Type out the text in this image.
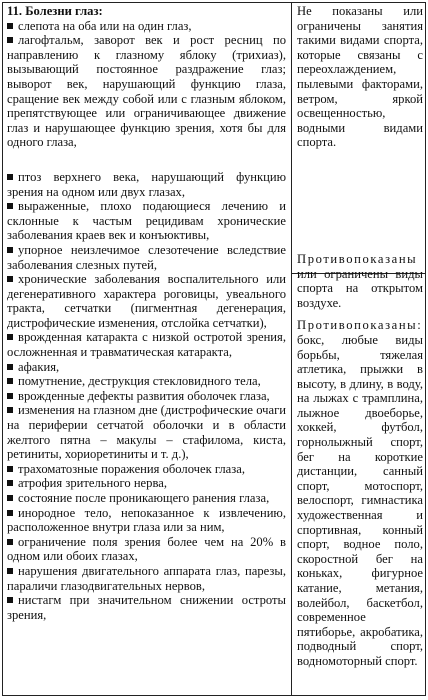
11. Болезни глаз:
слепота на оба или на один глаз,
лагофтальм, заворот век и рост ресниц по направлению к глазному яблоку (трихиаз), вызывающий постоянное раздражение глаз; выворот век, нарушающий функцию глаза, сращение век между собой или с глазным яблоком, препятствующее или ограничивающее движение глаз и нарушающее функцию зрения, хотя бы для одного глаза,
птоз верхнего века, нарушающий функцию зрения на одном или двух глазах,
выраженные, плохо подающиеся лечению и склонные к частым рецидивам хронические заболевания краев век и конъюктивы,
упорное неизлечимое слезотечение вследствие заболевания слезных путей,
хронические заболевания воспалительного или дегенеративного характера роговицы, увеального тракта, сетчатки (пигментная дегенерация, дистрофические изменения, отслойка сетчатки),
врожденная катаракта с низкой остротой зрения, осложненная и травматическая катаракта,
афакия,
помутнение, деструкция стекловидного тела,
врожденные дефекты развития оболочек глаза,
изменения на глазном дне (дистрофические очаги на периферии сетчатой оболочки и в области желтого пятна – макулы – стафилома, киста, ретиниты, хориоретиниты и т. д.),
трахоматозные поражения оболочек глаза,
атрофия зрительного нерва,
состояние после проникающего ранения глаза,
инородное тело, непоказанное к извлечению, расположенное внутри глаза или за ним,
ограничение поля зрения более чем на 20% в одном или обоих глазах,
нарушения двигательного аппарата глаз, парезы, параличи глазодвигательных нервов,
нистагм при значительном снижении остроты зрения,
Не показаны или ограничены занятия такими видами спорта, которые связаны с переохлаждением, пылевыми факторами, ветром, яркой освещенностью, водными видами спорта.
Противопоказаны или ограничены виды спорта на открытом воздухе.
Противопоказаны: бокс, любые виды борьбы, тяжелая атлетика, прыжки в высоту, в длину, в воду, на лыжах с трамплина, лыжное двоеборье, хоккей, футбол, горнолыжный спорт, бег на короткие дистанции, санный спорт, мотоспорт, велоспорт, гимнастика художественная и спортивная, конный спорт, водное поло, скоростной бег на коньках, фигурное катание, метания, волейбол, баскетбол, современное пятиборье, акробатика, подводный спорт, водномоторный спорт.
